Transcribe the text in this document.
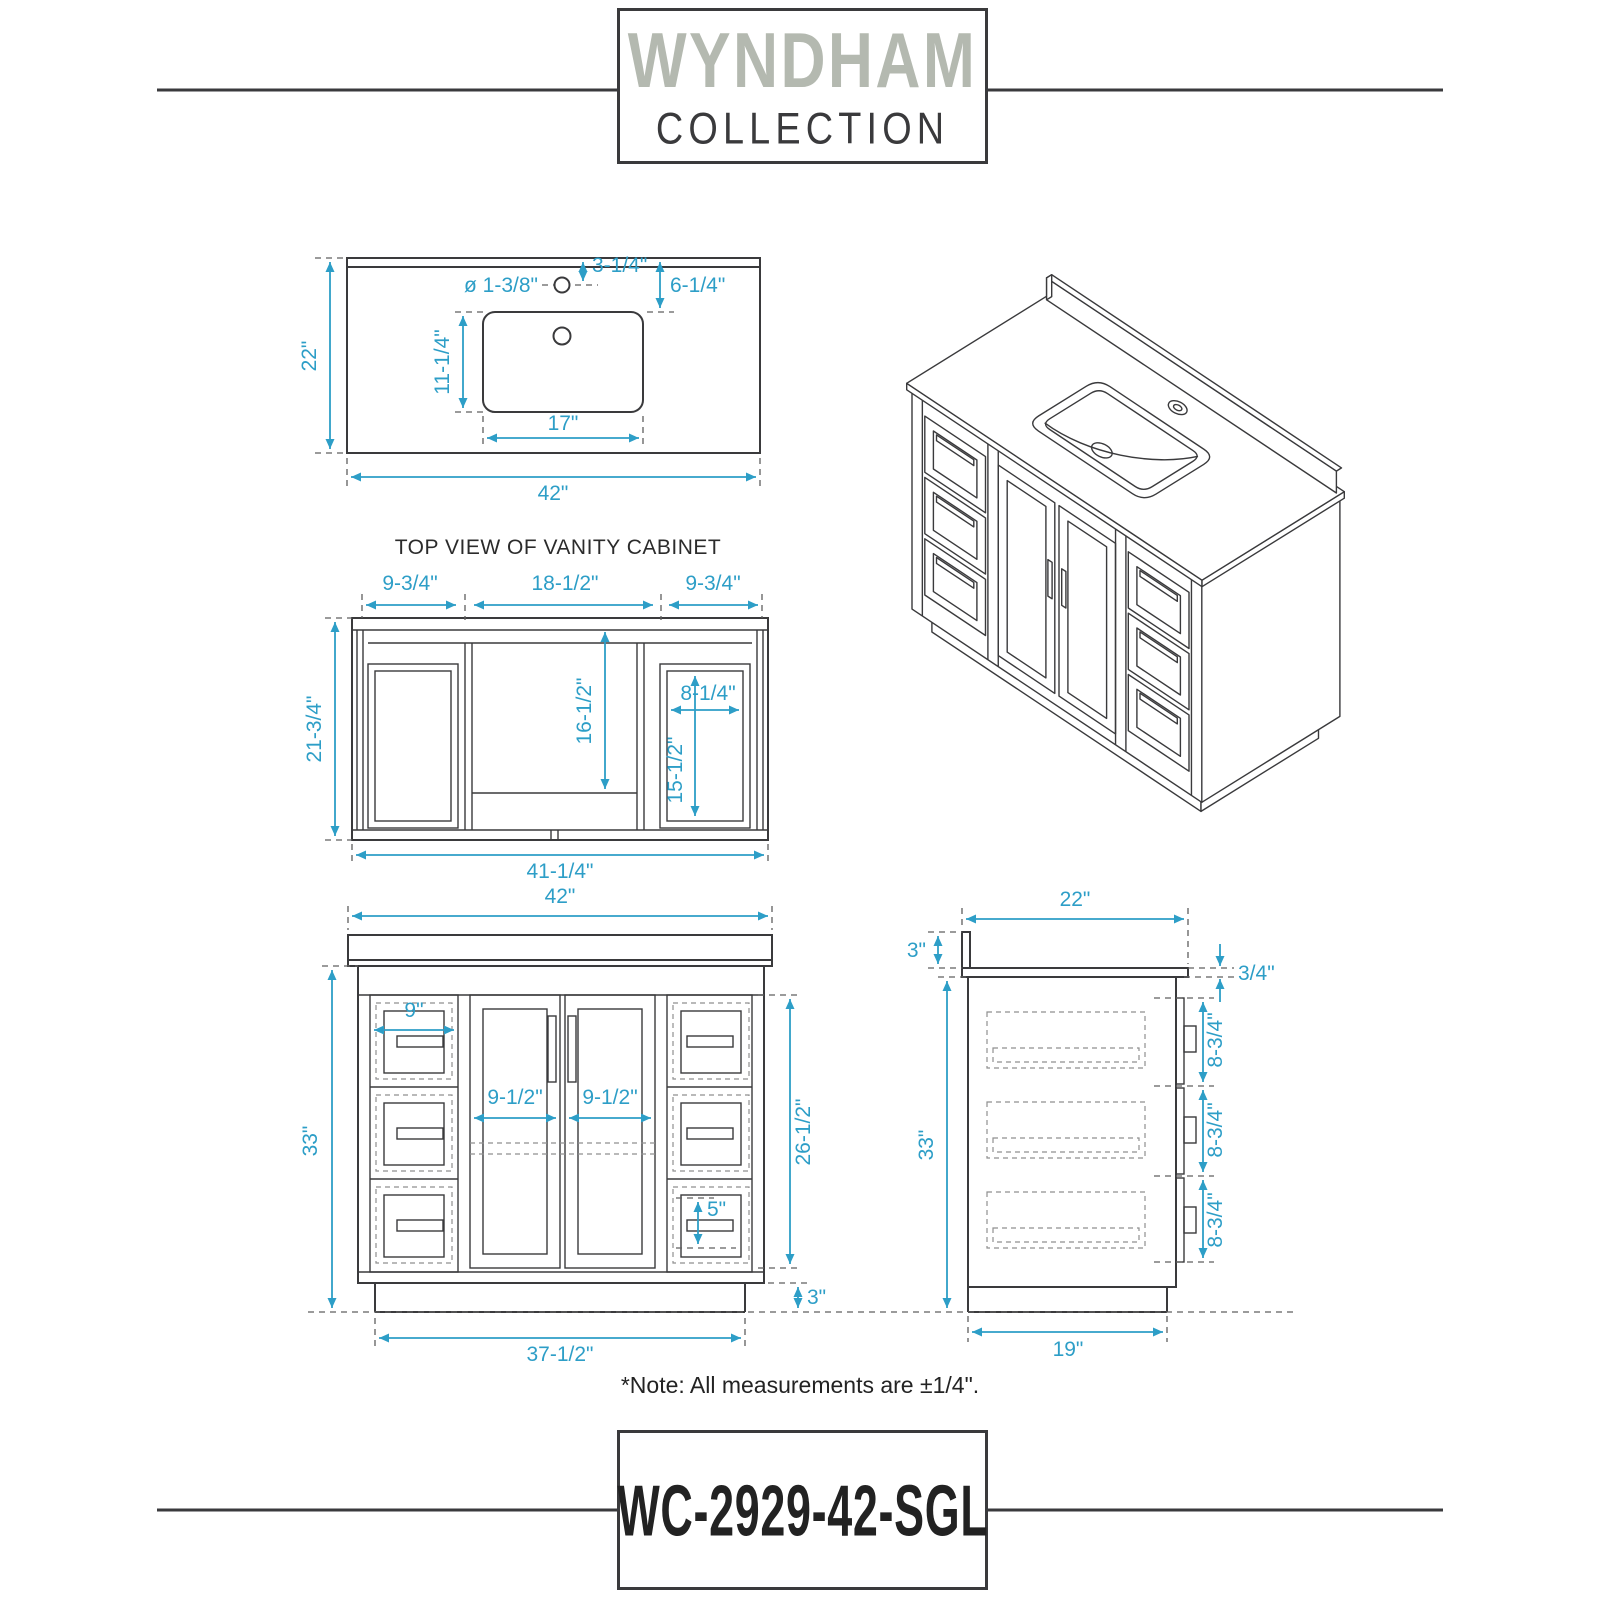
22"
42"
ø 1-3/8"
3-1/4"
6-1/4"
11-1/4"
17"
TOP VIEW OF VANITY CABINET
9-3/4"	18-1/2"	9-3/4"
21-3/4"	16-1/2"	8-1/4"
15-1/2"
41-1/4"
42"
33"
9"
9-1/2" 9-1/2"
26-1/2"
5"
3"
37-1/2"
22"
3"
3/4"
33"
8-3/4"
8-3/4"
8-3/4"
19"
WYNDHAM
COLLECTION
*Note: All measurements are ±1/4".
WC-2929-42-SGL
